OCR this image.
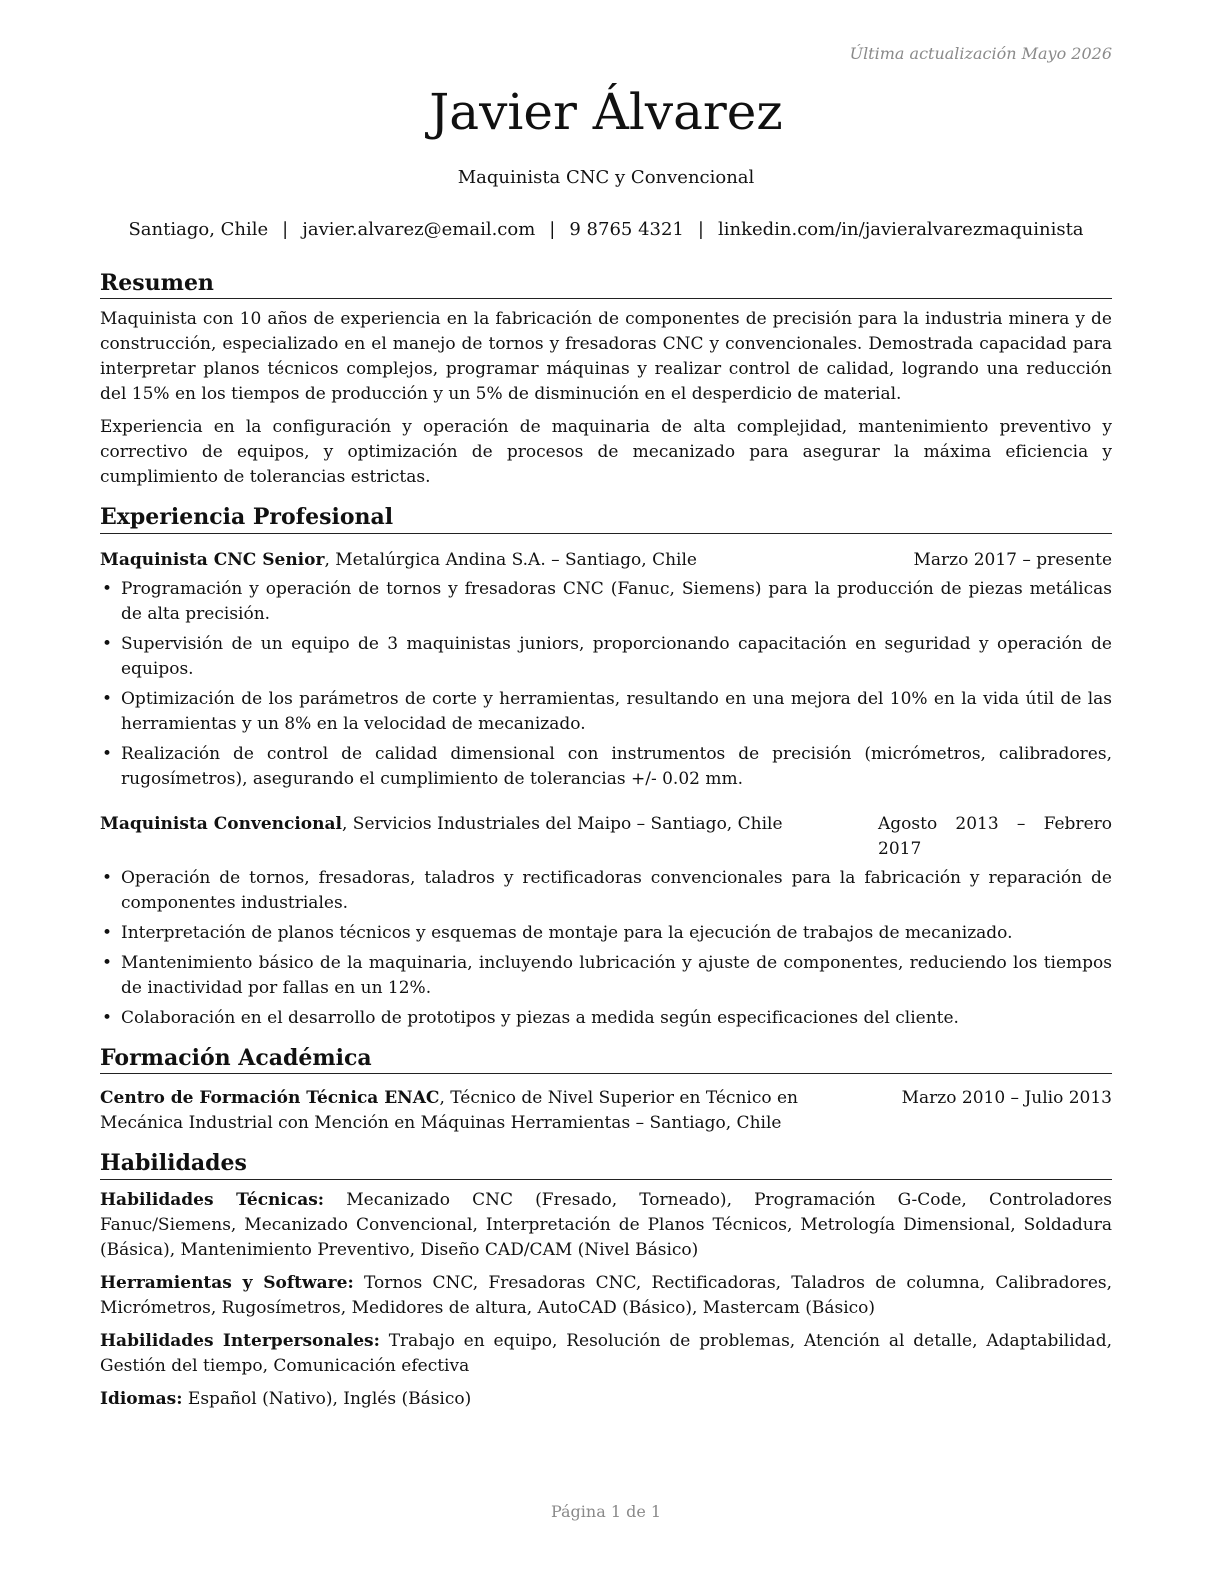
Última actualización Mayo 2026
Javier Álvarez
Maquinista CNC y Convencional
Santiago, Chile | javier.alvarez@email.com | 9 8765 4321 | linkedin.com/in/javieralvarezmaquinista
Resumen

Maquinista con 10 años de experiencia en la fabricación de componentes de precisión para la industria minera y de construcción, especializado en el manejo de tornos y fresadoras CNC y convencionales. Demostrada capacidad para interpretar planos técnicos complejos, programar máquinas y realizar control de calidad, logrando una reducción del 15% en los tiempos de producción y un 5% de disminución en el desperdicio de material.

Experiencia en la configuración y operación de maquinaria de alta complejidad, mantenimiento preventivo y correctivo de equipos, y optimización de procesos de mecanizado para asegurar la máxima eficiencia y cumplimiento de tolerancias estrictas.

Experiencia Profesional
Maquinista CNC Senior, Metalúrgica Andina S.A. – Santiago, Chile	Marzo 2017 – presente
• Programación y operación de tornos y fresadoras CNC (Fanuc, Siemens) para la producción de piezas metálicas de alta precisión.
• Supervisión de un equipo de 3 maquinistas juniors, proporcionando capacitación en seguridad y operación de equipos.
• Optimización de los parámetros de corte y herramientas, resultando en una mejora del 10% en la vida útil de las herramientas y un 8% en la velocidad de mecanizado.
• Realización de control de calidad dimensional con instrumentos de precisión (micrómetros, calibradores, rugosímetros), asegurando el cumplimiento de tolerancias +/- 0.02 mm.
Maquinista Convencional, Servicios Industriales del Maipo – Santiago, Chile	Agosto 2013 – Febrero 2017
• Operación de tornos, fresadoras, taladros y rectificadoras convencionales para la fabricación y reparación de componentes industriales.
• Interpretación de planos técnicos y esquemas de montaje para la ejecución de trabajos de mecanizado.
• Mantenimiento básico de la maquinaria, incluyendo lubricación y ajuste de componentes, reduciendo los tiempos de inactividad por fallas en un 12%.
• Colaboración en el desarrollo de prototipos y piezas a medida según especificaciones del cliente.
Formación Académica
Centro de Formación Técnica ENAC, Técnico de Nivel Superior en Técnico en Mecánica Industrial con Mención en Máquinas Herramientas – Santiago, Chile
Marzo 2010 – Julio 2013
Habilidades

Habilidades Técnicas: Mecanizado CNC (Fresado, Torneado), Programación G-Code, Controladores Fanuc/Siemens, Mecanizado Convencional, Interpretación de Planos Técnicos, Metrología Dimensional, Soldadura (Básica), Mantenimiento Preventivo, Diseño CAD/CAM (Nivel Básico)

Herramientas y Software: Tornos CNC, Fresadoras CNC, Rectificadoras, Taladros de columna, Calibradores, Micrómetros, Rugosímetros, Medidores de altura, AutoCAD (Básico), Mastercam (Básico)

Habilidades Interpersonales: Trabajo en equipo, Resolución de problemas, Atención al detalle, Adaptabilidad, Gestión del tiempo, Comunicación efectiva

Idiomas: Español (Nativo), Inglés (Básico)

Página 1 de 1
